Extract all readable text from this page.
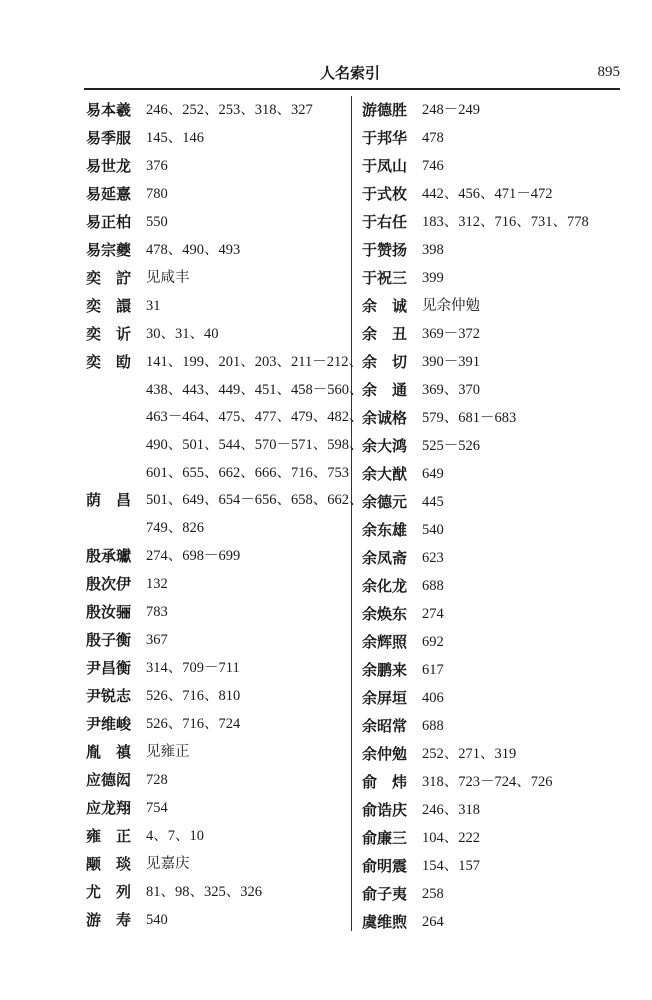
人名索引	895
易本羲	246、252、253、318、327
易季服	145、146
易世龙	376
易延憙	780
易正柏	550
易宗夔	478、490、493
奕詝 见咸丰
奕譞 31
奕䜣 30、31、40
奕劻 141、199、201、203、211－212、
438、443、449、451、458－560、
463－464、475、477、479、482、
490、501、544、570－571、598、
601、655、662、666、716、753
荫昌 501、649、654－656、658、662、
749、826
殷承瓛	274、698－699
殷次伊	132
殷汝骊	783
殷子衡	367
尹昌衡	314、709－711
尹锐志	526、716、810
尹维峻	526、716、724
胤禛 见雍正
应德闳	728
应龙翔	754
雍正 4、7、10
颙琰 见嘉庆
尤列 81、98、325、326
游寿 540
游德胜	248－249
于邦华	478
于凤山	746
于式枚	442、456、471－472
于右任	183、312、716、731、778
于赞扬	398
于祝三	399
余诚 见余仲勉
余丑 369－372
余切 390－391
余通 369、370
余诚格	579、681－683
余大鸿	525－526
余大猷	649
余德元	445
余东雄	540
余凤斋	623
余化龙	688
余焕东	274
余辉照	692
余鹏来	617
余屏垣	406
余昭常	688
余仲勉	252、271、319
俞炜 318、723－724、726
俞诰庆	246、318
俞廉三	104、222
俞明震	154、157
俞子夷	258
虞维煦	264
